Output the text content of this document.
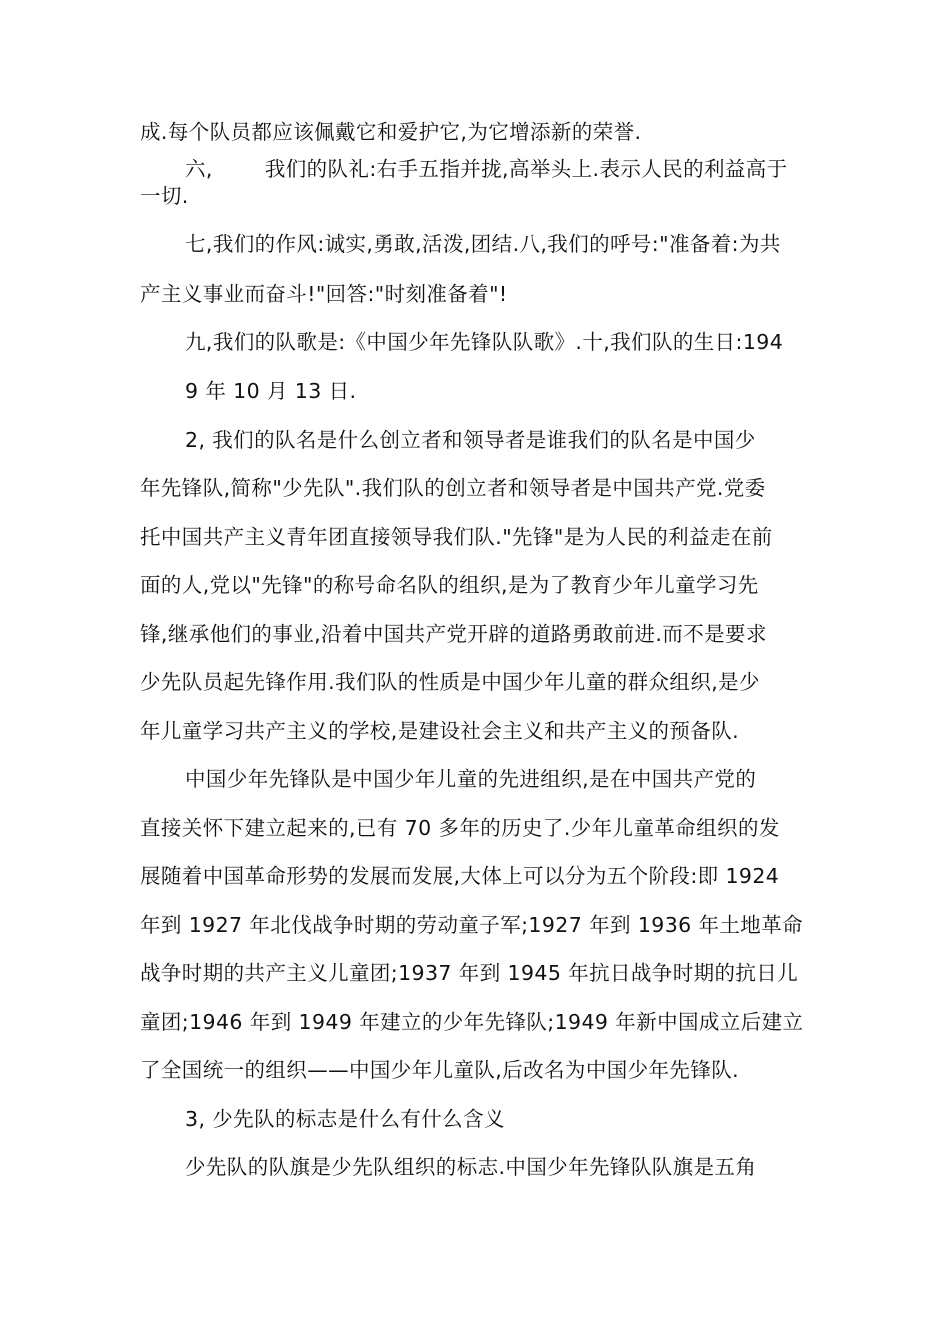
成.每个队员都应该佩戴它和爱护它,为它增添新的荣誉.
六,	我们的队礼:右手五指并拢,高举头上.表示人民的利益高于
一切.
七,我们的作风:诚实,勇敢,活泼,团结.八,我们的呼号:"准备着:为共
产主义事业而奋斗!"回答:"时刻准备着"!
九,我们的队歌是:《中国少年先锋队队歌》.十,我们队的生日:194
9 年 10 月 13 日.
2, 我们的队名是什么创立者和领导者是谁我们的队名是中国少
年先锋队,简称"少先队".我们队的创立者和领导者是中国共产党.党委
托中国共产主义青年团直接领导我们队."先锋"是为人民的利益走在前
面的人,党以"先锋"的称号命名队的组织,是为了教育少年儿童学习先
锋,继承他们的事业,沿着中国共产党开辟的道路勇敢前进.而不是要求
少先队员起先锋作用.我们队的性质是中国少年儿童的群众组织,是少
年儿童学习共产主义的学校,是建设社会主义和共产主义的预备队.
中国少年先锋队是中国少年儿童的先进组织,是在中国共产党的
直接关怀下建立起来的,已有 70 多年的历史了.少年儿童革命组织的发
展随着中国革命形势的发展而发展,大体上可以分为五个阶段:即 1924
年到 1927 年北伐战争时期的劳动童子军;1927 年到 1936 年土地革命
战争时期的共产主义儿童团;1937 年到 1945 年抗日战争时期的抗日儿
童团;1946 年到 1949 年建立的少年先锋队;1949 年新中国成立后建立
了全国统一的组织——中国少年儿童队,后改名为中国少年先锋队.
3, 少先队的标志是什么有什么含义
少先队的队旗是少先队组织的标志.中国少年先锋队队旗是五角
